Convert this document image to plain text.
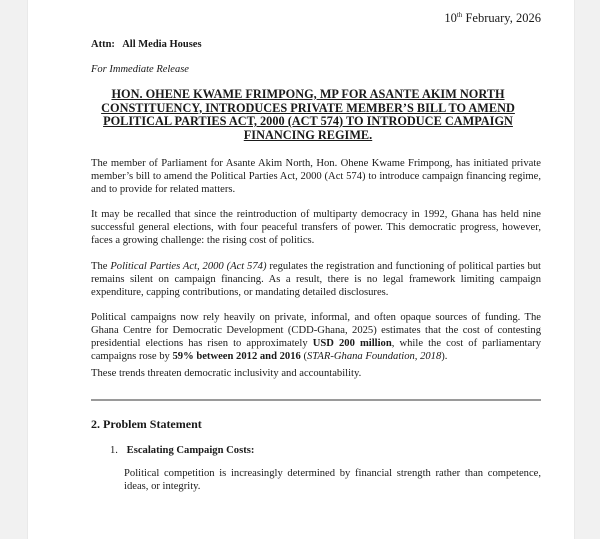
10th February, 2026
Attn:   All Media Houses
For Immediate Release
HON. OHENE KWAME FRIMPONG, MP FOR ASANTE AKIM NORTH CONSTITUENCY, INTRODUCES PRIVATE MEMBER’S BILL TO AMEND POLITICAL PARTIES ACT, 2000 (ACT 574) TO INTRODUCE CAMPAIGN FINANCING REGIME.

The member of Parliament for Asante Akim North, Hon. Ohene Kwame Frimpong, has initiated private member’s bill to amend the Political Parties Act, 2000 (Act 574) to introduce campaign financing regime, and to provide for related matters.

It may be recalled that since the reintroduction of multiparty democracy in 1992, Ghana has held nine successful general elections, with four peaceful transfers of power. This democratic progress, however, faces a growing challenge: the rising cost of politics.

The Political Parties Act, 2000 (Act 574) regulates the registration and functioning of political parties but remains silent on campaign financing. As a result, there is no legal framework limiting campaign expenditure, capping contributions, or mandating detailed disclosures.

Political campaigns now rely heavily on private, informal, and often opaque sources of funding. The Ghana Centre for Democratic Development (CDD-Ghana, 2025) estimates that the cost of contesting presidential elections has risen to approximately USD 200 million, while the cost of parliamentary campaigns rose by 59% between 2012 and 2016 (STAR-Ghana Foundation, 2018).

These trends threaten democratic inclusivity and accountability.

2. Problem Statement
1. Escalating Campaign Costs:

Political competition is increasingly determined by financial strength rather than competence, ideas, or integrity.
